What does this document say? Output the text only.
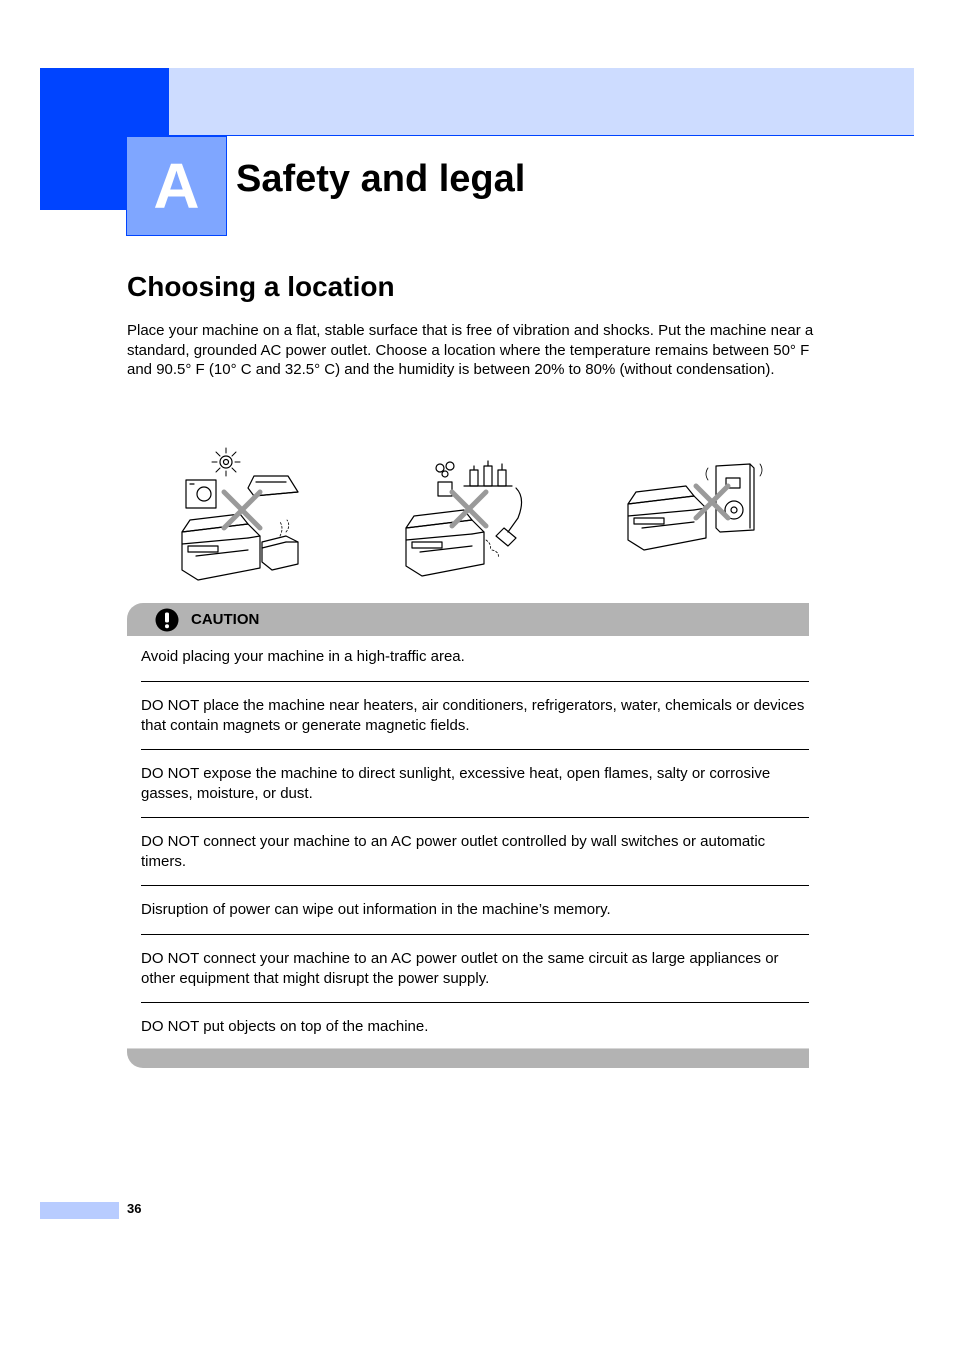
A Safety and legal
Choosing a location
Place your machine on a flat, stable surface that is free of vibration and shocks. Put the machine near a standard, grounded AC power outlet. Choose a location where the temperature remains between 50° F and 90.5° F (10° C and 32.5° C) and the humidity is between 20% to 80% (without condensation).
CAUTION
Avoid placing your machine in a high-traffic area.
DO NOT place the machine near heaters, air conditioners, refrigerators, water, chemicals or devices that contain magnets or generate magnetic fields.
DO NOT expose the machine to direct sunlight, excessive heat, open flames, salty or corrosive gasses, moisture, or dust.
DO NOT connect your machine to an AC power outlet controlled by wall switches or automatic timers.
Disruption of power can wipe out information in the machine’s memory.
DO NOT connect your machine to an AC power outlet on the same circuit as large appliances or other equipment that might disrupt the power supply.
DO NOT put objects on top of the machine.
36
